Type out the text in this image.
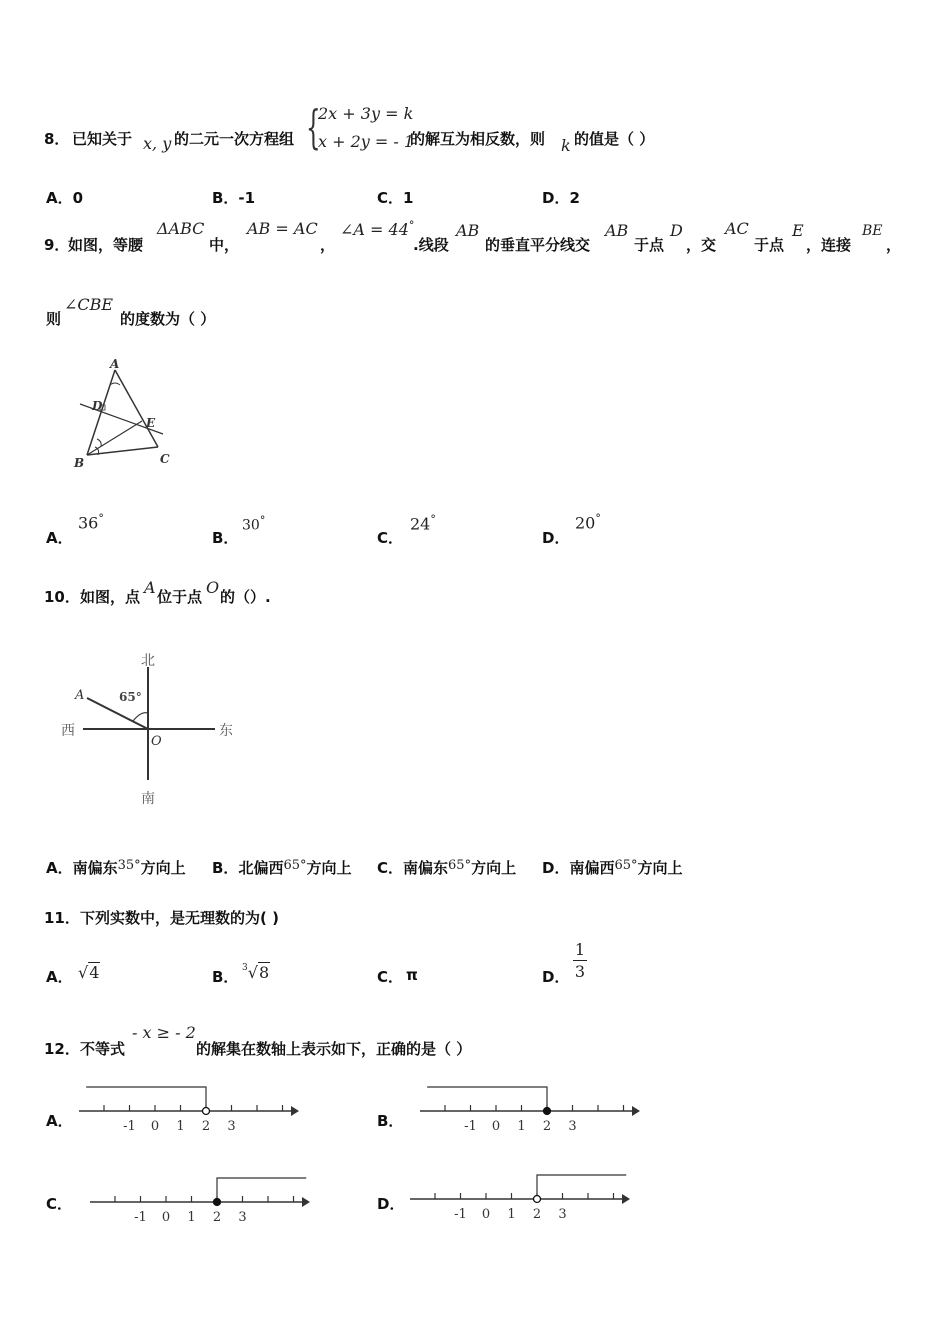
8． 已知关于 x, y 的二元一次方程组 {
2x + 3y = k
x + 2y = - 1
的解互为相反数，则 k 的值是（ ）
A．0	B．-1	C．1	D．2
9．
如图，等腰
ΔABC
中，
AB = AC
，
∠A = 44°
.线段
AB
的垂直平分线交
AB
于点
D
，交
AC
于点
E
，连接
BE
，
则
∠CBE
的度数为（ ）
A
B	C
D
E
A．
36°
B．
30°
C．
24°
D．
20°
10． 如图，点 A 位于点 O 的（）.
北
南
西	东
A
O
65°
A．南偏东35°方向上 B．北偏西65°方向上 C．南偏东65°方向上 D．南偏西65°方向上
11． 下列实数中，是无理数的为( )
A． √4	B． $^3$√8	C． π	D．
1
3
12． 不等式
- x ≥ - 2
的解集在数轴上表示如下，正确的是（ ）
A．	-1 0 1 2 3	B．	-1 0 1 2 3
C．
-1 0 1 2 3
D．
-1 0 1 2 3
